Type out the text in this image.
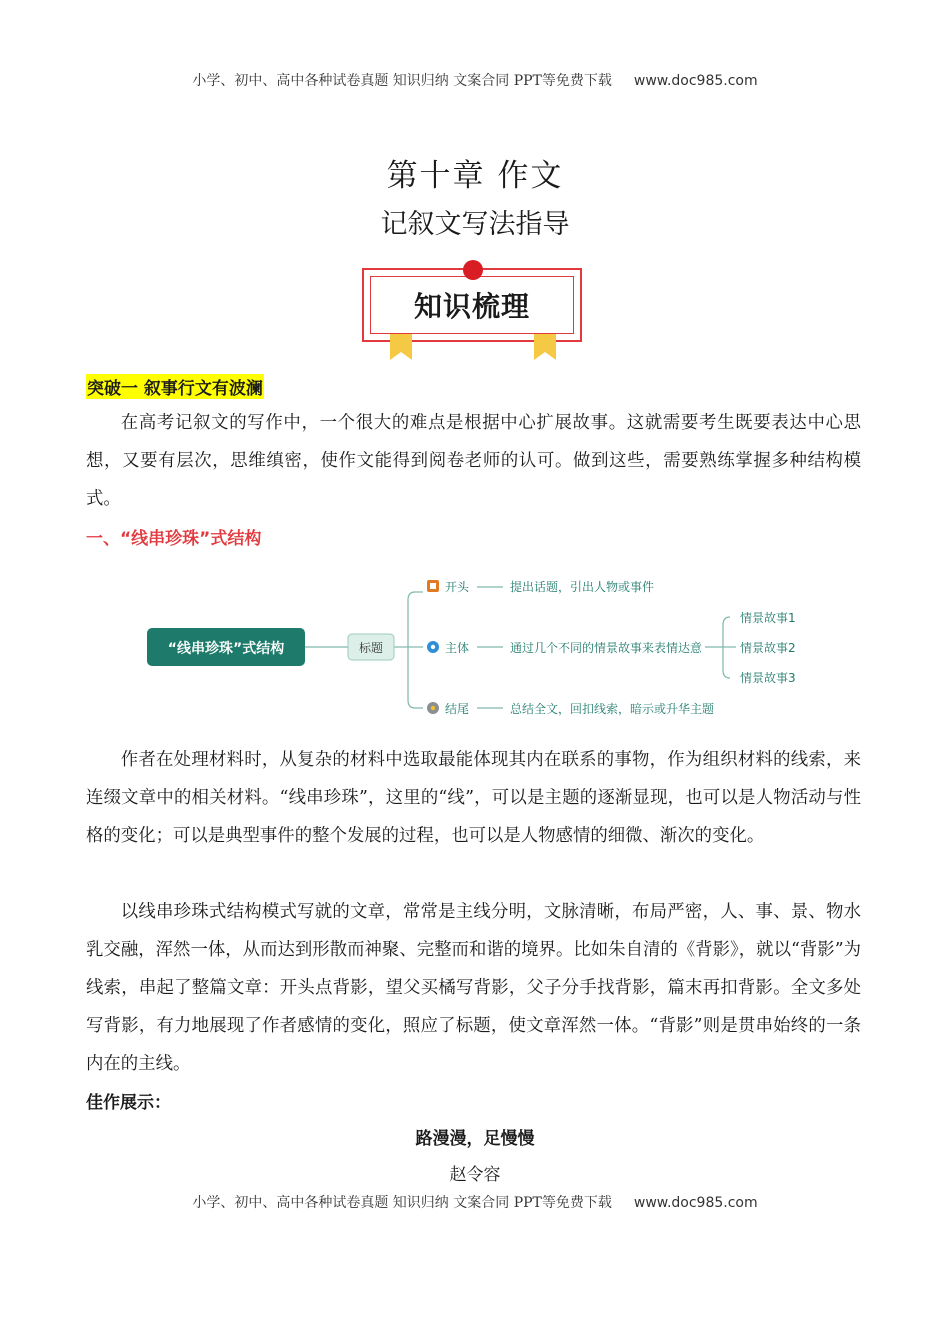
小学、初中、高中各种试卷真题 知识归纳 文案合同 PPT等免费下载 www.doc985.com
第十章 作文
记叙文写法指导
知识梳理
突破一 叙事行文有波澜

在高考记叙文的写作中，一个很大的难点是根据中心扩展故事。这就需要考生既要表达中心思想，又要有层次，思维缜密，使作文能得到阅卷老师的认可。做到这些，需要熟练掌握多种结构模式。

一、“线串珍珠”式结构
“线串珍珠”式结构	标题
开头	提出话题，引出人物或事件
主体	通过几个不同的情景故事来表情达意
结尾	总结全文，回扣线索，暗示或升华主题
情景故事1
情景故事2
情景故事3

作者在处理材料时，从复杂的材料中选取最能体现其内在联系的事物，作为组织材料的线索，来连缀文章中的相关材料。“线串珍珠”，这里的“线”，可以是主题的逐渐显现，也可以是人物活动与性格的变化；可以是典型事件的整个发展的过程，也可以是人物感情的细微、渐次的变化。

以线串珍珠式结构模式写就的文章，常常是主线分明，文脉清晰，布局严密，人、事、景、物水乳交融，浑然一体，从而达到形散而神聚、完整而和谐的境界。比如朱自清的《背影》，就以“背影”为线索，串起了整篇文章：开头点背影，望父买橘写背影，父子分手找背影，篇末再扣背影。全文多处写背影，有力地展现了作者感情的变化，照应了标题，使文章浑然一体。“背影”则是贯串始终的一条内在的主线。

佳作展示：
路漫漫，足慢慢
赵令容
小学、初中、高中各种试卷真题 知识归纳 文案合同 PPT等免费下载 www.doc985.com
